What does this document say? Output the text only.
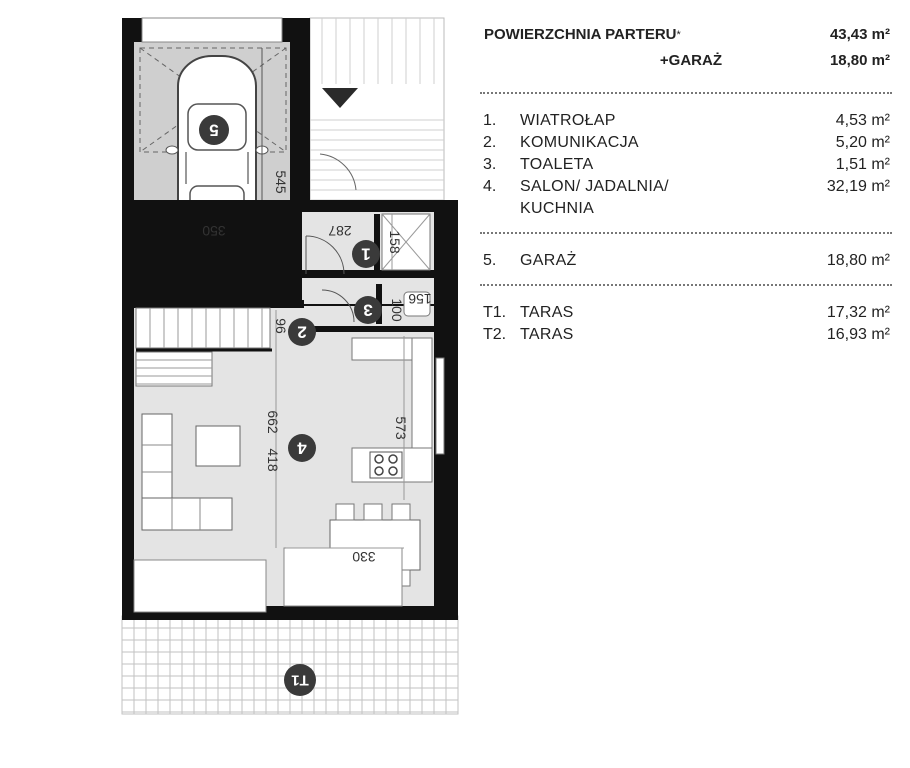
545
350	287	158
96
156
100
662
418
573
330
1
2
3
4
5
T1
POWIERZCHNIA PARTERU*	43,43 m²
+GARAŻ	18,80 m²
1. WIATROŁAP	4,53 m²
2. KOMUNIKACJA	5,20 m²
3. TOALETA	1,51 m²
4. SALON/ JADALNIA/	32,19 m²
KUCHNIA
5. GARAŻ	18,80 m²
T1. TARAS	17,32 m²
T2. TARAS	16,93 m²
